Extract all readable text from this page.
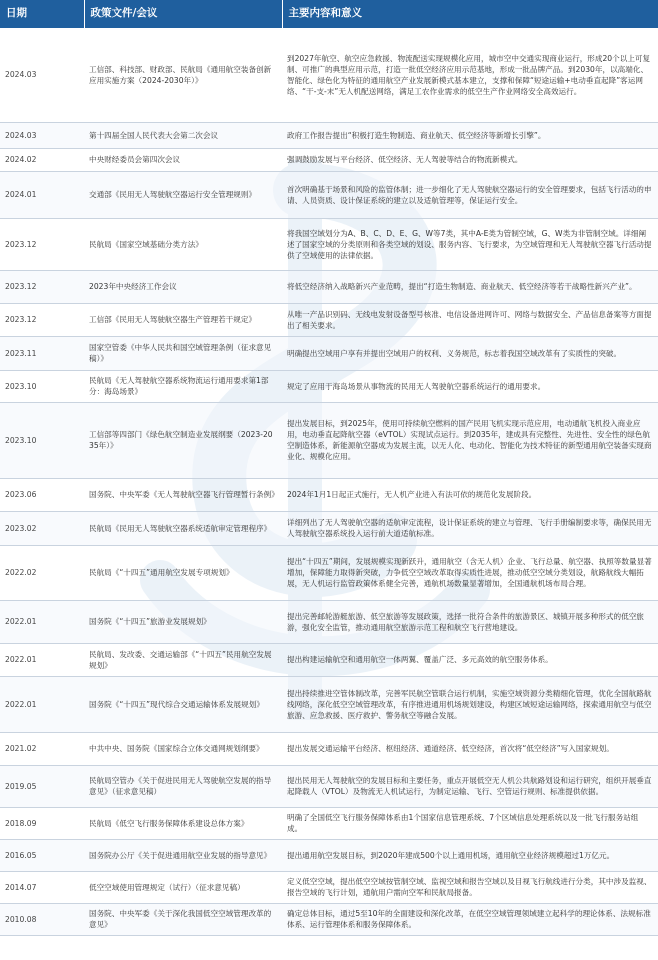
日期	政策文件/会议	主要内容和意义
2024.03	工信部、科技部、财政部、民航局《通用航空装备创新应用实施方案（2024-2030年）》	到2027年航空、航空应急救援、物流配送实现规模化应用，城市空中交通实现商业运行，形成20个以上可复制、可推广的典型应用示范，打造一批低空经济应用示范基地，形成一批品牌产品。到2030年，以高端化、智能化、绿色化为特征的通用航空产业发展新模式基本建立，支撑和保障“短途运输+电动垂直起降”客运网络、“干-支-末”无人机配送网络，满足工农作业需求的低空生产作业网络安全高效运行。
2024.03	第十四届全国人民代表大会第二次会议	政府工作报告提出“积极打造生物制造、商业航天、低空经济等新增长引擎”。
2024.02	中央财经委员会第四次会议	强调鼓励发展与平台经济、低空经济、无人驾驶等结合的物流新模式。
2024.01	交通部《民用无人驾驶航空器运行安全管理规则》	首次明确基于场景和风险的监管体制；进一步细化了无人驾驶航空器运行的安全管理要求，包括飞行活动的申请、人员资质、设计保证系统的建立以及适航管理等，保证运行安全。
2023.12	民航局《国家空域基础分类方法》	将我国空域划分为A、B、C、D、E、G、W等7类，其中A-E类为管制空域，G、W类为非管制空域。详细阐述了国家空域的分类原则和各类空域的划设、服务内容、飞行要求，为空域管理和无人驾驶航空器飞行活动提供了空域使用的法律依据。
2023.12	2023年中央经济工作会议	将低空经济纳入战略新兴产业范畴，提出“打造生物制造、商业航天、低空经济等若干战略性新兴产业”。
2023.12	工信部《民用无人驾驶航空器生产管理若干规定》	从唯一产品识别码、无线电发射设备型号核准、电信设备进网许可、网络与数据安全、产品信息备案等方面提出了相关要求。
2023.11	国家空管委《中华人民共和国空域管理条例（征求意见稿）》	明确提出空域用户享有并提出空域用户的权利、义务规范，标志着我国空域改革有了实质性的突破。
2023.10	民航局《无人驾驶航空器系统物流运行通用要求第1部分：海岛场景》	规定了应用于海岛场景从事物流的民用无人驾驶航空器系统运行的通用要求。
2023.10	工信部等四部门《绿色航空制造业发展纲要（2023-2035年）》	提出发展目标，到2025年，使用可持续航空燃料的国产民用飞机实现示范应用，电动通航飞机投入商业应用，电动垂直起降航空器（eVTOL）实现试点运行。到2035年，建成具有完整性、先进性、安全性的绿色航空制造体系，新能源航空器成为发展主流，以无人化、电动化、智能化为技术特征的新型通用航空装备实现商业化、规模化应用。
2023.06	国务院、中央军委《无人驾驶航空器飞行管理暂行条例》	2024年1月1日起正式施行，无人机产业进入有法可依的规范化发展阶段。
2023.02	民航局《民用无人驾驶航空器系统适航审定管理程序》	详细列出了无人驾驶航空器的适航审定流程，设计保证系统的建立与管理、飞行手册编制要求等，确保民用无人驾驶航空器系统投入运行前大道适航标准。
2022.02	民航局《“十四五”通用航空发展专项规划》	提出“十四五”期间，发展规模实现新跃升，通用航空（含无人机）企业、飞行总量、航空器、执照等数量显著增加，保障能力取得新突破，力争低空空域改革取得实质性进展，推动低空空域分类划设，航路航线大幅拓展，无人机运行监管政策体系健全完善，通航机场数量显著增加，全国通航机场布局合理。
2022.01	国务院《“十四五”旅游业发展规划》	提出完善邮轮游艇旅游、低空旅游等发展政策，选择一批符合条件的旅游景区、城镇开展多种形式的低空旅游，强化安全监管，推动通用航空旅游示范工程和航空飞行营地建设。
2022.01	民航局、发改委、交通运输部《“十四五”民用航空发展规划》	提出构建运输航空和通用航空一体两翼、覆盖广泛、多元高效的航空服务体系。
2022.01	国务院《“十四五”现代综合交通运输体系发展规划》	提出持续推进空管体制改革，完善军民航空管联合运行机制，实施空域资源分类精细化管理，优化全国航路航线网络，深化低空空域管理改革，有序推进通用机场规划建设，构建区域短途运输网络，探索通用航空与低空旅游、应急救援、医疗救护、警务航空等融合发展。
2021.02	中共中央、国务院《国家综合立体交通网规划纲要》	提出发展交通运输平台经济、枢纽经济、通道经济、低空经济，首次将“低空经济”写入国家规划。
2019.05	民航局空管办《关于促进民用无人驾驶航空发展的指导意见》（征求意见稿）	提出民用无人驾驶航空的发展目标和主要任务，重点开展低空无人机公共航路划设和运行研究，组织开展垂直起降载人（VTOL）及物流无人机试运行，为制定运输、飞行、空管运行规则、标准提供依据。
2018.09	民航局《低空飞行服务保障体系建设总体方案》	明确了全国低空飞行服务保障体系由1个国家信息管理系统、7个区域信息处理系统以及一批飞行服务站组成。
2016.05	国务院办公厅《关于促进通用航空业发展的指导意见》	提出通用航空发展目标，到2020年建成500个以上通用机场，通用航空业经济规模超过1万亿元。
2014.07	低空空域使用管理规定（试行）（征求意见稿）	定义低空空域，提出低空空域按管制空域、监视空域和报告空域以及目视飞行航线进行分类，其中涉及监视、报告空域的飞行计划，通航用户需向空军和民航局报备。
2010.08	国务院、中央军委《关于深化我国低空空域管理改革的意见》	确定总体目标，通过5至10年的全面建设和深化改革，在低空空域管理领域建立起科学的理论体系、法规标准体系、运行管理体系和服务保障体系。
